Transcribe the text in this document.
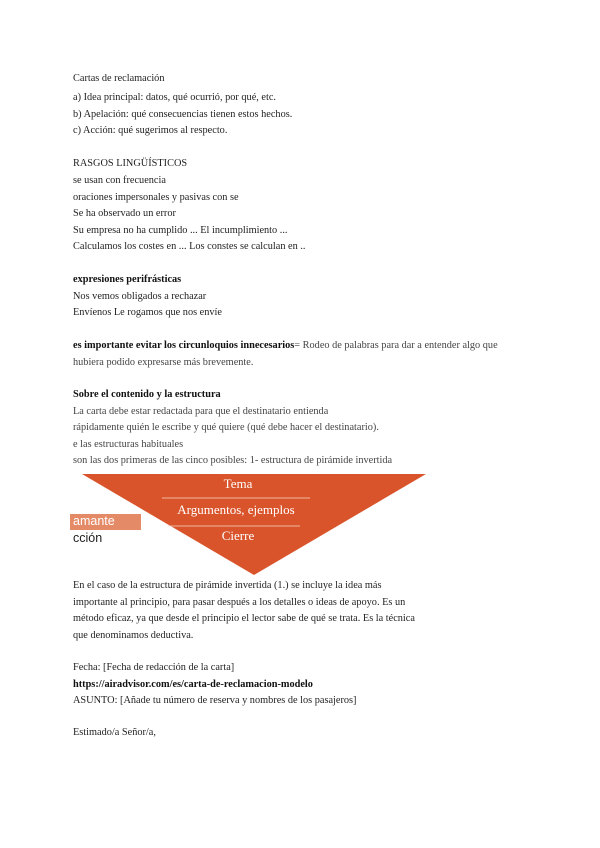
Cartas de reclamación
a) Idea principal: datos, qué ocurrió, por qué, etc.
b) Apelación: qué consecuencias tienen estos hechos.
c) Acción: qué sugerimos al respecto.
RASGOS LINGÜÍSTICOS
se usan con frecuencia
oraciones impersonales y pasivas con se
Se ha observado un error
Su empresa no ha cumplido ... El incumplimiento ...
Calculamos los costes en ... Los constes se calculan en ..
expresiones perifrásticas
Nos vemos obligados a rechazar
Envíenos Le rogamos que nos envíe
es importante evitar los circunloquios innecesarios= Rodeo de palabras para dar a entender algo que
hubiera podido expresarse más brevemente.
Sobre el contenido y la estructura
La carta debe estar redactada para que el destinatario entienda
rápidamente quién le escribe y qué quiere (qué debe hacer el destinatario).
e las estructuras habituales
son las dos primeras de las cinco posibles: 1- estructura de pirámide invertida
Tema
Argumentos, ejemplos
Cierre
amante
cción
En el caso de la estructura de pirámide invertida (1.) se incluye la idea más
importante al principio, para pasar después a los detalles o ideas de apoyo. Es un
método eficaz, ya que desde el principio el lector sabe de qué se trata. Es la técnica
que denominamos deductiva.
Fecha: [Fecha de redacción de la carta]
https://airadvisor.com/es/carta-de-reclamacion-modelo
ASUNTO: [Añade tu número de reserva y nombres de los pasajeros]
Estimado/a Señor/a,
